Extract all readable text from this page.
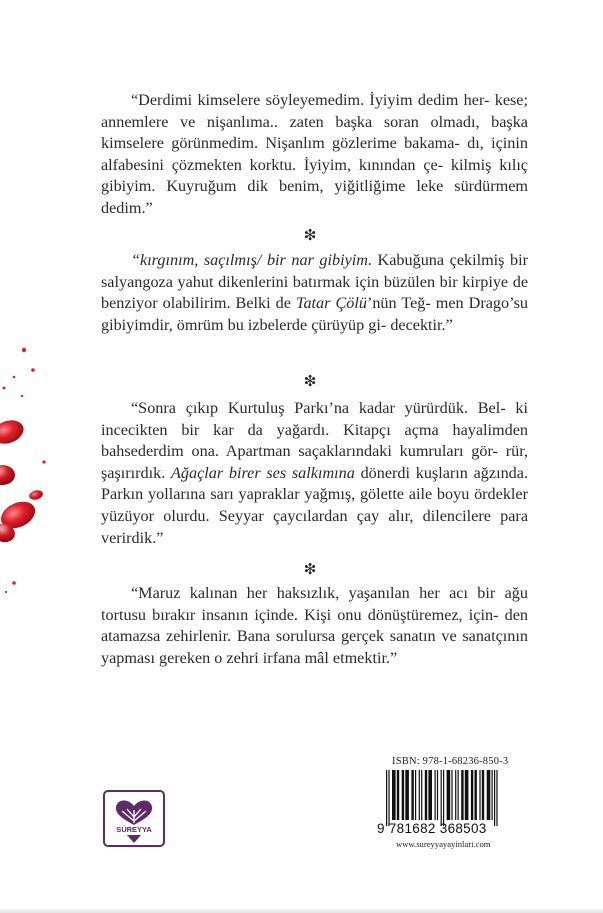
“Derdimi kimselere söyleyemedim. İyiyim dedim her- kese; annemlere ve nişanlıma.. zaten başka soran olmadı, başka kimselere görünmedim. Nişanlım gözlerime bakama- dı, içinin alfabesini çözmekten korktu. İyiyim, kınından çe- kilmiş kılıç gibiyim. Kuyruğum dik benim, yiğitliğime leke sürdürmem dedim.”

❇

“kırgınım, saçılmış/ bir nar gibiyim. Kabuğuna çekilmiş bir salyangoza yahut dikenlerini batırmak için büzülen bir kirpiye de benziyor olabilirim. Belki de Tatar Çölü’nün Teğ- men Drago’su gibiyimdir, ömrüm bu izbelerde çürüyüp gi- decektir.”

❇

“Sonra çıkıp Kurtuluş Parkı’na kadar yürürdük. Bel- ki incecikten bir kar da yağardı. Kitapçı açma hayalimden bahsederdim ona. Apartman saçaklarındaki kumruları gör- rür, şaşırırdık. Ağaçlar birer ses salkımına dönerdi kuşların ağzında. Parkın yollarına sarı yapraklar yağmış, gölette aile boyu ördekler yüzüyor olurdu. Seyyar çaycılardan çay alır, dilencilere para verirdik.”

❇

“Maruz kalınan her haksızlık, yaşanılan her acı bir ağu tortusu bırakır insanın içinde. Kişi onu dönüştüremez, için- den atamazsa zehirlenir. Bana sorulursa gerçek sanatın ve sanatçının yapması gereken o zehri irfana mâl etmektir.”

SÜREYYA
ISBN: 978-1-68236-850-3
9 781682 368503
www.sureyyayayinlari.com
